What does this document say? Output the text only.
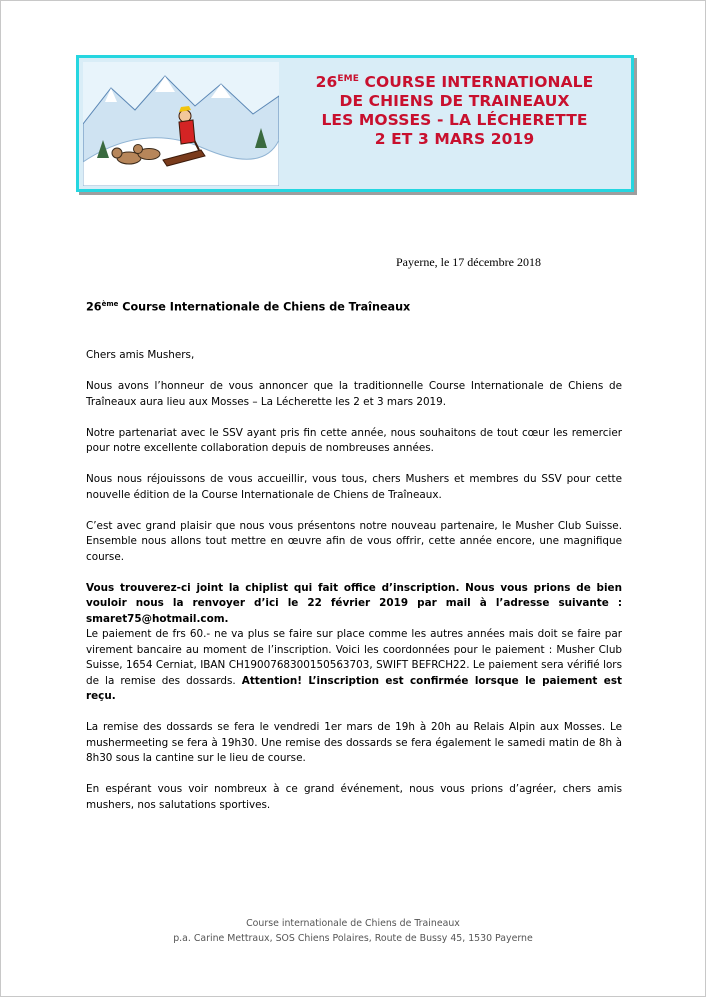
26EME COURSE INTERNATIONALE
DE CHIENS DE TRAINEAUX
LES MOSSES - LA LÉCHERETTE
2 ET 3 MARS 2019
Payerne, le 17 décembre 2018
26ème Course Internationale de Chiens de Traîneaux

Chers amis Mushers,

Nous avons l’honneur de vous annoncer que la traditionnelle Course Internationale de Chiens de Traîneaux aura lieu aux Mosses – La Lécherette les 2 et 3 mars 2019.

Notre partenariat avec le SSV ayant pris fin cette année, nous souhaitons de tout cœur les remercier pour notre excellente collaboration depuis de nombreuses années.

Nous nous réjouissons de vous accueillir, vous tous, chers Mushers et membres du SSV pour cette nouvelle édition de la Course Internationale de Chiens de Traîneaux.

C’est avec grand plaisir que nous vous présentons notre nouveau partenaire, le Musher Club Suisse. Ensemble nous allons tout mettre en œuvre afin de vous offrir, cette année encore, une magnifique course.

Vous trouverez-ci joint la chiplist qui fait office d’inscription. Nous vous prions de bien vouloir nous la renvoyer d’ici le 22 février 2019 par mail à l’adresse suivante : smaret75@hotmail.com.

Le paiement de frs 60.- ne va plus se faire sur place comme les autres années mais doit se faire par virement bancaire au moment de l’inscription. Voici les coordonnées pour le paiement : Musher Club Suisse, 1654 Cerniat, IBAN CH1900768300150563703, SWIFT BEFRCH22. Le paiement sera vérifié lors de la remise des dossards. Attention! L’inscription est confirmée lorsque le paiement est reçu.

La remise des dossards se fera le vendredi 1er mars de 19h à 20h au Relais Alpin aux Mosses. Le mushermeeting se fera à 19h30. Une remise des dossards se fera également le samedi matin de 8h à 8h30 sous la cantine sur le lieu de course.

En espérant vous voir nombreux à ce grand événement, nous vous prions d’agréer, chers amis mushers, nos salutations sportives.

Course internationale de Chiens de Traineaux
p.a. Carine Mettraux, SOS Chiens Polaires, Route de Bussy 45, 1530 Payerne
